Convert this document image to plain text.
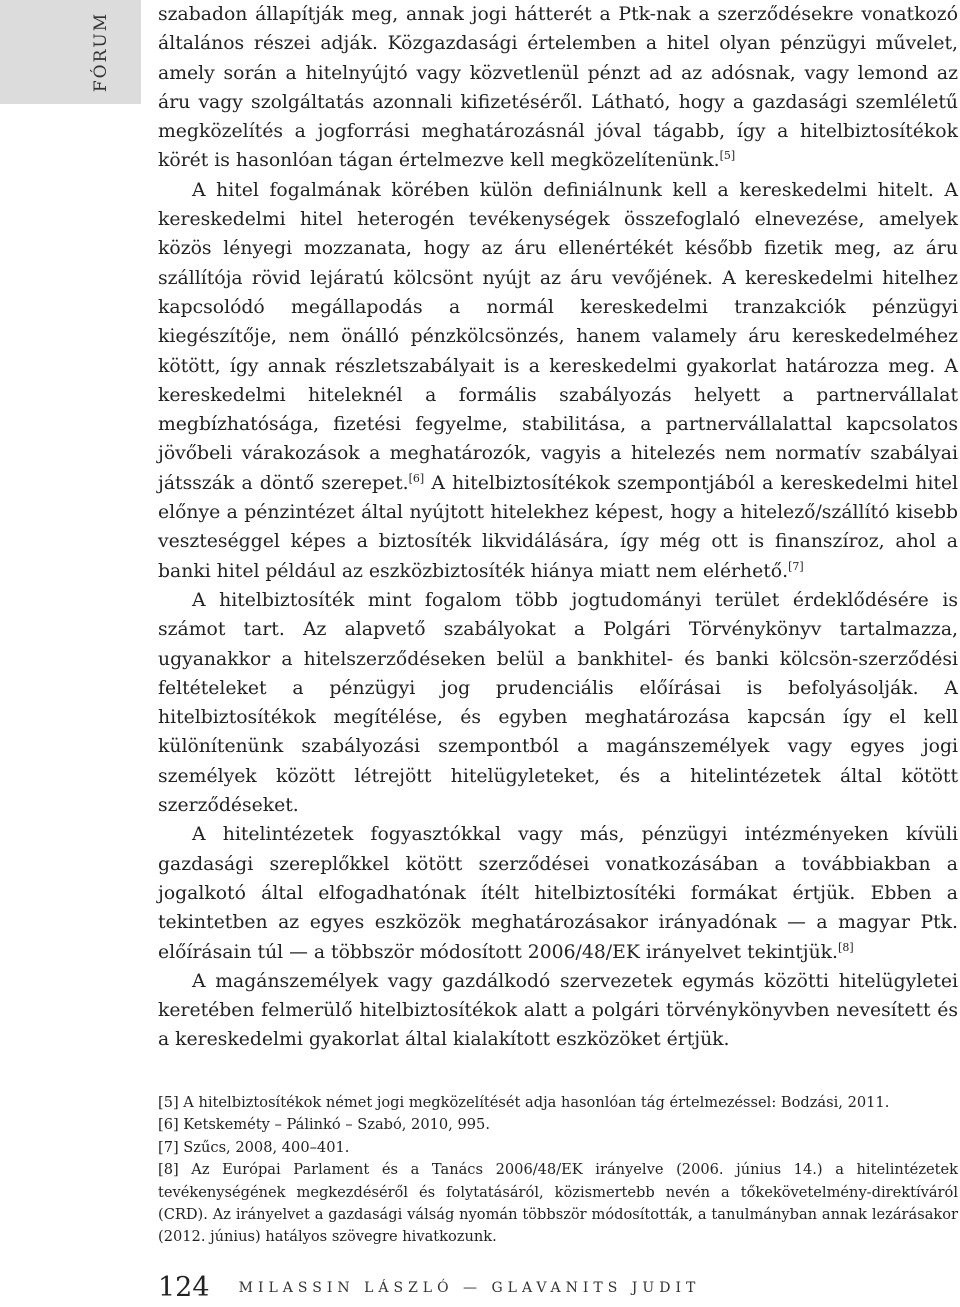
FÓRUM	szabadon állapítják meg, annak jogi hátterét a Ptk-nak a szerződésekre vonatkozó általános részei adják. Közgazdasági értelemben a hitel olyan pénzügyi művelet, amely során a hitelnyújtó vagy közvetlenül pénzt ad az adósnak, vagy lemond az áru vagy szolgáltatás azonnali kifizetéséről. Látható, hogy a gazdasági szemléletű megközelítés a jogforrási meghatározásnál jóval tágabb, így a hitelbiztosítékok körét is hasonlóan tágan értelmezve kell megközelítenünk.[5]

A hitel fogalmának körében külön definiálnunk kell a kereskedelmi hitelt. A kereskedelmi hitel heterogén tevékenységek összefoglaló elnevezése, amelyek közös lényegi mozzanata, hogy az áru ellenértékét később fizetik meg, az áru szállítója rövid lejáratú kölcsönt nyújt az áru vevőjének. A kereskedelmi hitelhez kapcsolódó megállapodás a normál kereskedelmi tranzakciók pénzügyi kiegészítője, nem önálló pénzkölcsönzés, hanem valamely áru kereskedelméhez kötött, így annak részletszabályait is a kereskedelmi gyakorlat határozza meg. A kereskedelmi hiteleknél a formális szabályozás helyett a partnervállalat megbízhatósága, fizetési fegyelme, stabilitása, a partnervállalattal kapcsolatos jövőbeli várakozások a meghatározók, vagyis a hitelezés nem normatív szabályai játsszák a döntő szerepet.[6] A hitelbiztosítékok szempontjából a kereskedelmi hitel előnye a pénzintézet által nyújtott hitelekhez képest, hogy a hitelező/szállító kisebb veszteséggel képes a biztosíték likvidálására, így még ott is finanszíroz, ahol a banki hitel például az eszközbiztosíték hiánya miatt nem elérhető.[7]

A hitelbiztosíték mint fogalom több jogtudományi terület érdeklődésére is számot tart. Az alapvető szabályokat a Polgári Törvénykönyv tartalmazza, ugyanakkor a hitelszerződéseken belül a bankhitel- és banki kölcsön-szerződési feltételeket a pénzügyi jog prudenciális előírásai is befolyásolják. A hitelbiztosítékok megítélése, és egyben meghatározása kapcsán így el kell különítenünk szabályozási szempontból a magánszemélyek vagy egyes jogi személyek között létrejött hitelügyleteket, és a hitelintézetek által kötött szerződéseket.

A hitelintézetek fogyasztókkal vagy más, pénzügyi intézményeken kívüli gazdasági szereplőkkel kötött szerződései vonatkozásában a továbbiakban a jogalkotó által elfogadhatónak ítélt hitelbiztosítéki formákat értjük. Ebben a tekintetben az egyes eszközök meghatározásakor irányadónak — a magyar Ptk. előírásain túl — a többször módosított 2006/48/EK irányelvet tekintjük.[8]

A magánszemélyek vagy gazdálkodó szervezetek egymás közötti hitelügyletei keretében felmerülő hitelbiztosítékok alatt a polgári törvénykönyvben nevesített és a kereskedelmi gyakorlat által kialakított eszközöket értjük.

[5] A hitelbiztosítékok német jogi megközelítését adja hasonlóan tág értelmezéssel: Bodzási, 2011.

[6] Ketskeméty – Pálinkó – Szabó, 2010, 995.

[7] Szűcs, 2008, 400–401.

[8] Az Európai Parlament és a Tanács 2006/48/EK irányelve (2006. június 14.) a hitelintézetek tevékenységének megkezdéséről és folytatásáról, közismertebb nevén a tőkekövetelmény-direktíváról (CRD). Az irányelvet a gazdasági válság nyomán többször módosították, a tanulmányban annak lezárásakor (2012. június) hatályos szövegre hivatkozunk.

124 MILASSIN LÁSZLÓ — GLAVANITS JUDIT
